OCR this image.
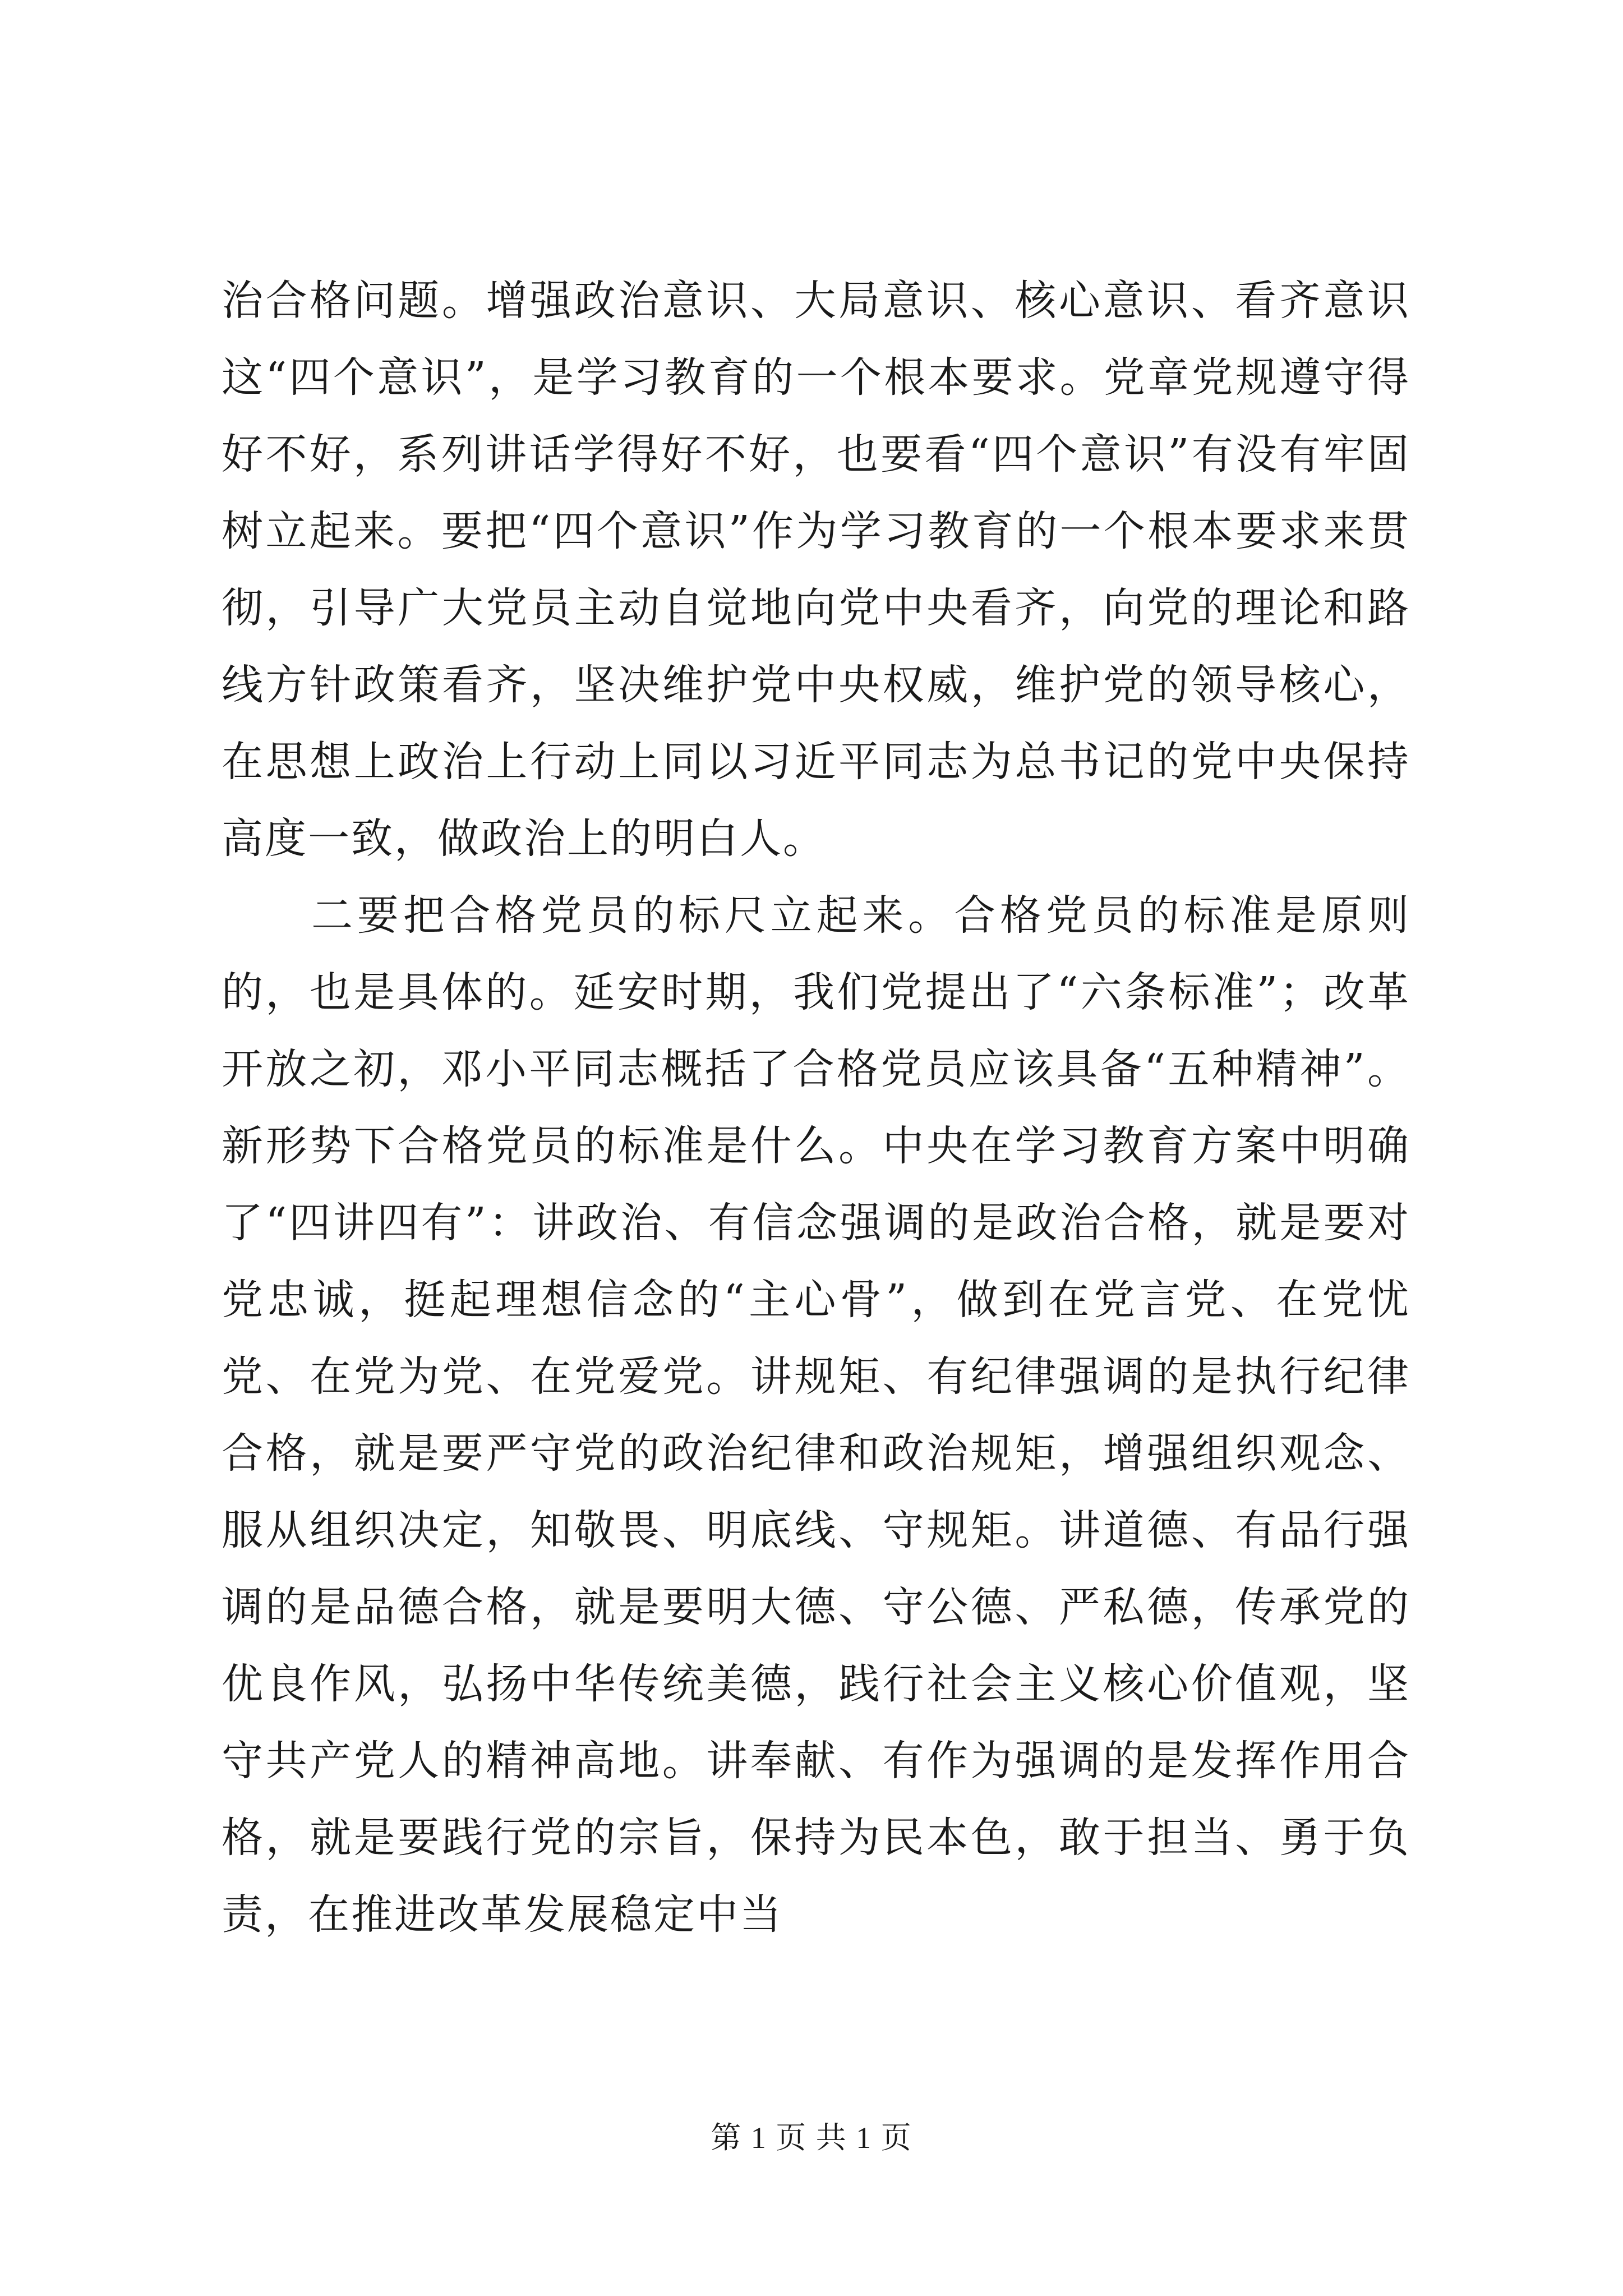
治合格问题。增强政治意识、大局意识、核心意识、看齐意识这“四个意识”，是学习教育的一个根本要求。党章党规遵守得好不好，系列讲话学得好不好，也要看“四个意识”有没有牢固树立起来。要把“四个意识”作为学习教育的一个根本要求来贯彻，引导广大党员主动自觉地向党中央看齐，向党的理论和路线方针政策看齐，坚决维护党中央权威，维护党的领导核心，在思想上政治上行动上同以习近平同志为总书记的党中央保持高度一致，做政治上的明白人。

二要把合格党员的标尺立起来。合格党员的标准是原则的，也是具体的。延安时期，我们党提出了“六条标准”；改革开放之初，邓小平同志概括了合格党员应该具备“五种精神”。新形势下合格党员的标准是什么。中央在学习教育方案中明确了“四讲四有”：讲政治、有信念强调的是政治合格，就是要对党忠诚，挺起理想信念的“主心骨”，做到在党言党、在党忧党、在党为党、在党爱党。讲规矩、有纪律强调的是执行纪律合格，就是要严守党的政治纪律和政治规矩，增强组织观念、服从组织决定，知敬畏、明底线、守规矩。讲道德、有品行强调的是品德合格，就是要明大德、守公德、严私德，传承党的优良作风，弘扬中华传统美德，践行社会主义核心价值观，坚守共产党人的精神高地。讲奉献、有作为强调的是发挥作用合格，就是要践行党的宗旨，保持为民本色，敢于担当、勇于负责，在推进改革发展稳定中当

第 1 页 共 1 页
